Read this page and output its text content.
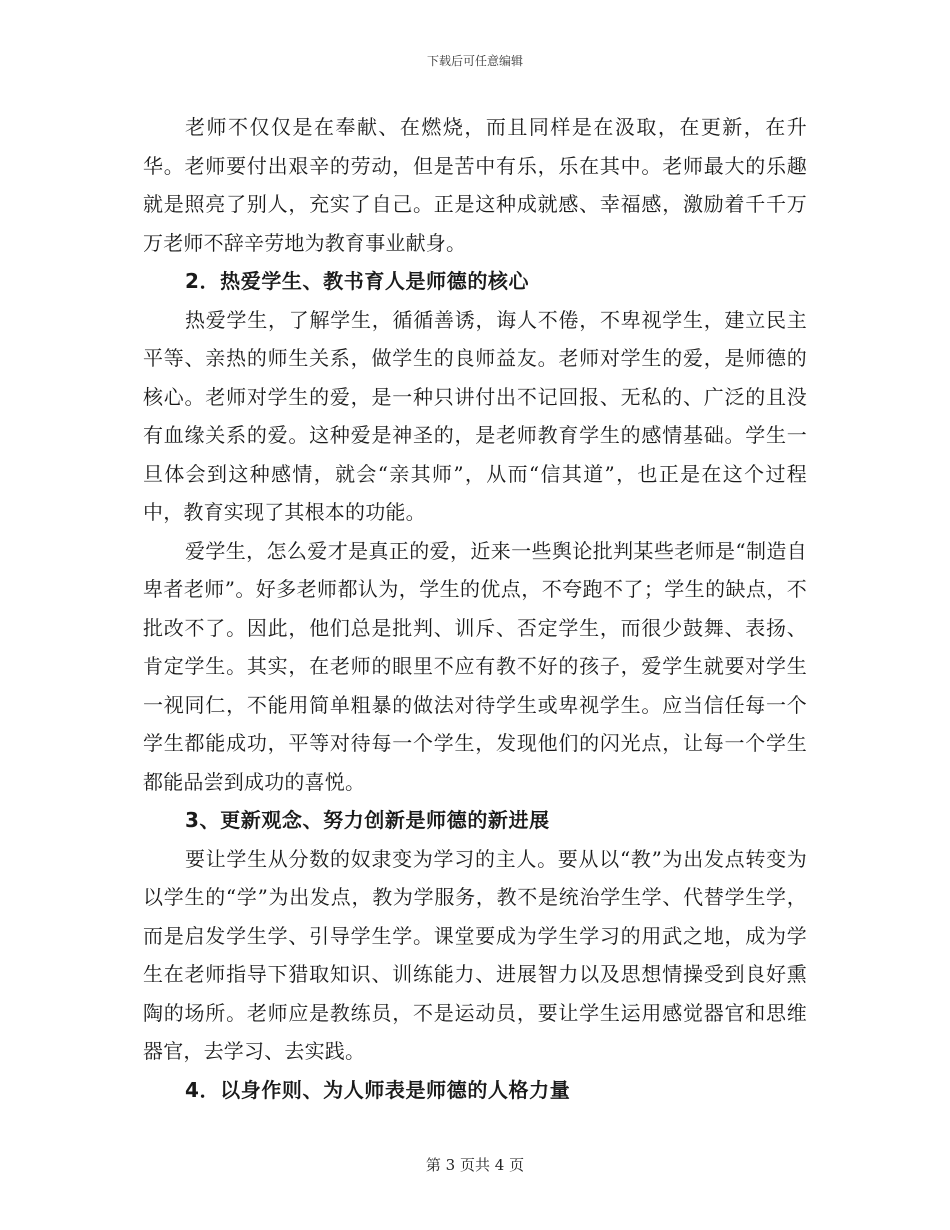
下载后可任意编辑

老师不仅仅是在奉献、在燃烧，而且同样是在汲取，在更新，在升华。老师要付出艰辛的劳动，但是苦中有乐，乐在其中。老师最大的乐趣就是照亮了别人，充实了自己。正是这种成就感、幸福感，激励着千千万万老师不辞辛劳地为教育事业献身。

2．热爱学生、教书育人是师德的核心

热爱学生，了解学生，循循善诱，诲人不倦，不卑视学生，建立民主平等、亲热的师生关系，做学生的良师益友。老师对学生的爱，是师德的核心。老师对学生的爱，是一种只讲付出不记回报、无私的、广泛的且没有血缘关系的爱。这种爱是神圣的，是老师教育学生的感情基础。学生一旦体会到这种感情，就会“亲其师”，从而“信其道”，也正是在这个过程中，教育实现了其根本的功能。

爱学生，怎么爱才是真正的爱，近来一些舆论批判某些老师是“制造自卑者老师”。好多老师都认为，学生的优点，不夸跑不了；学生的缺点，不批改不了。因此，他们总是批判、训斥、否定学生，而很少鼓舞、表扬、肯定学生。其实，在老师的眼里不应有教不好的孩子，爱学生就要对学生一视同仁，不能用简单粗暴的做法对待学生或卑视学生。应当信任每一个学生都能成功，平等对待每一个学生，发现他们的闪光点，让每一个学生都能品尝到成功的喜悦。

3、更新观念、努力创新是师德的新进展

要让学生从分数的奴隶变为学习的主人。要从以“教”为出发点转变为以学生的“学”为出发点，教为学服务，教不是统治学生学、代替学生学，而是启发学生学、引导学生学。课堂要成为学生学习的用武之地，成为学生在老师指导下猎取知识、训练能力、进展智力以及思想情操受到良好熏陶的场所。老师应是教练员，不是运动员，要让学生运用感觉器官和思维器官，去学习、去实践。

4．以身作则、为人师表是师德的人格力量

第 3 页共 4 页
